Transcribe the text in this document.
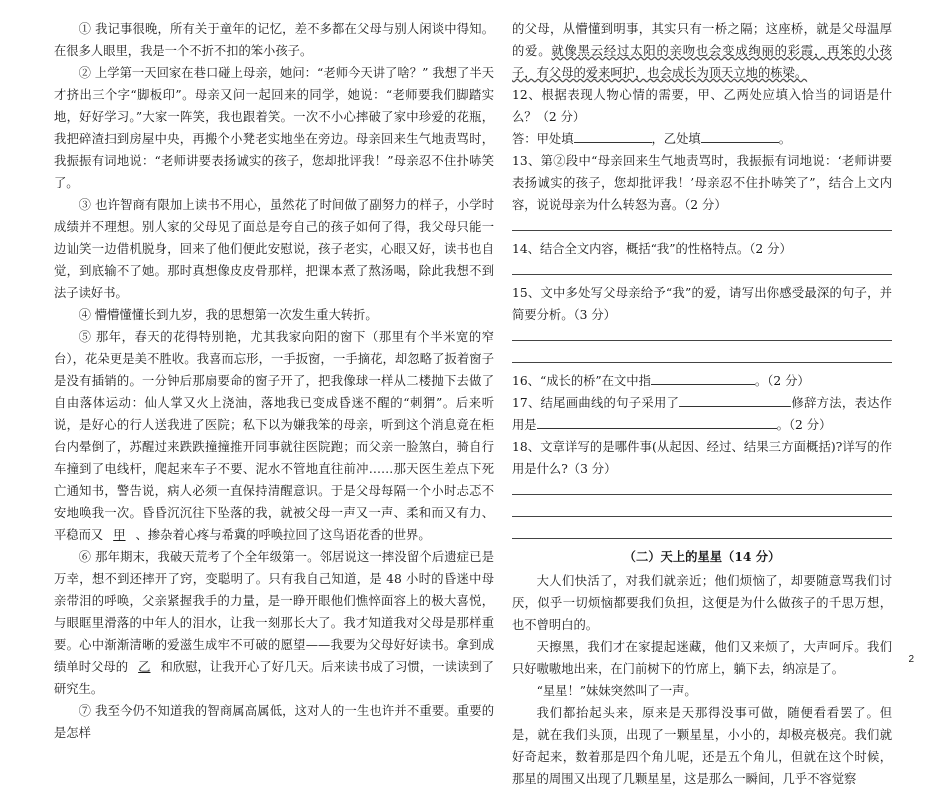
① 我记事很晚，所有关于童年的记忆，差不多都在父母与别人闲谈中得知。在很多人眼里，我是一个不折不扣的笨小孩子。

② 上学第一天回家在巷口碰上母亲，她问：“老师今天讲了啥？” 我想了半天才挤出三个字“脚板印”。母亲又问一起回来的同学，她说：“老师要我们脚踏实地，好好学习。”大家一阵笑，我也跟着笑。一次不小心摔破了家中珍爱的花瓶，我把碎渣扫到房屋中央，再搬个小凳老实地坐在旁边。母亲回来生气地责骂时，我振振有词地说：“老师讲要表扬诚实的孩子，您却批评我！”母亲忍不住扑哧笑了。

③ 也许智商有限加上读书不用心，虽然花了时间做了副努力的样子，小学时成绩并不理想。别人家的父母见了面总是夸自己的孩子如何了得，我父母只能一边讪笑一边借机脱身，回来了他们便此安慰说，孩子老实，心眼又好，读书也自觉，到底输不了她。那时真想像皮皮骨那样，把课本煮了熬汤喝，除此我想不到法子读好书。

④ 懵懵懂懂长到九岁，我的思想第一次发生重大转折。

⑤ 那年，春天的花得特别艳，尤其我家向阳的窗下（那里有个半米宽的窄台），花朵更是美不胜收。我喜而忘形，一手扳窗，一手摘花，却忽略了扳着窗子是没有插销的。一分钟后那扇要命的窗子开了，把我像球一样从二楼抛下去做了自由落体运动：仙人掌又火上浇油，落地我已变成昏迷不醒的“刺猬”。后来听说，是好心的行人送我进了医院；私下以为嫌我笨的母亲，听到这个消息竟在柜台内晕倒了，苏醒过来跌跌撞撞推开同事就往医院跑；而父亲一脸煞白，骑自行车撞到了电线杆，爬起来车子不要、泥水不管地直往前冲……那天医生差点下死亡通知书，警告说，病人必须一直保持清醒意识。于是父母每隔一个小时忐忑不安地唤我一次。昏昏沉沉往下坠落的我，就被父母一声又一声、柔和而又有力、平稳而又 甲 、掺杂着心疼与希冀的呼唤拉回了这鸟语花香的世界。

⑥ 那年期末，我破天荒考了个全年级第一。邻居说这一摔没留个后遗症已是万幸，想不到还摔开了窍，变聪明了。只有我自己知道，是 48 小时的昏迷中母亲带泪的呼唤，父亲紧握我手的力量，是一睁开眼他们憔悴面容上的极大喜悦，与眼眶里滑落的中年人的泪水，让我一刻那长大了。我才知道我对父母是那样重要。心中渐渐清晰的爱滋生成牢不可破的愿望——我要为父母好好读书。拿到成绩单时父母的 乙 和欣慰，让我开心了好几天。后来读书成了习惯，一读读到了研究生。

⑦ 我至今仍不知道我的智商属高属低，这对人的一生也许并不重要。重要的是怎样

的父母，从懵懂到明事，其实只有一桥之隔；这座桥，就是父母温厚的爱。就像黑云经过太阳的亲吻也会变成绚丽的彩霞，再笨的小孩子，有父母的爱来呵护，也会成长为顶天立地的栋梁。

12、根据表现人物心情的需要，甲、乙两处应填入恰当的词语是什么？（2 分）

答：甲处填	，乙处填	。

13、第②段中“母亲回来生气地责骂时，我振振有词地说：‘老师讲要表扬诚实的孩子，您却批评我！’母亲忍不住扑哧笑了”，结合上文内容，说说母亲为什么转怒为喜。（2 分）

14、结合全文内容，概括“我”的性格特点。（2 分）

15、文中多处写父母亲给予“我”的爱，请写出你感受最深的句子，并简要分析。（3 分）

16、“成长的桥”在文中指	。（2 分）

17、结尾画曲线的句子采用了	修辞方法，表达作用是	。（2 分）

18、文章详写的是哪件事(从起因、经过、结果三方面概括)?详写的作用是什么?（3 分）

（二）天上的星星（14 分）

大人们快活了，对我们就亲近；他们烦恼了，却要随意骂我们讨厌，似乎一切烦恼都要我们负担，这便是为什么做孩子的千思万想，也不曾明白的。

天擦黑，我们才在家提起迷藏，他们又来烦了，大声呵斥。我们只好嗷嗷地出来，在门前树下的竹席上，躺下去，纳凉是了。

“星星！”妹妹突然叫了一声。

我们都抬起头来，原来是天那得没事可做，随便看看罢了。但是，就在我们头顶，出现了一颗星星，小小的，却极亮极亮。我们就好奇起来，数着那是四个角儿呢，还是五个角儿，但就在这个时候，那星的周围又出现了几颗星星，这是那么一瞬间，几乎不容觉察

2
